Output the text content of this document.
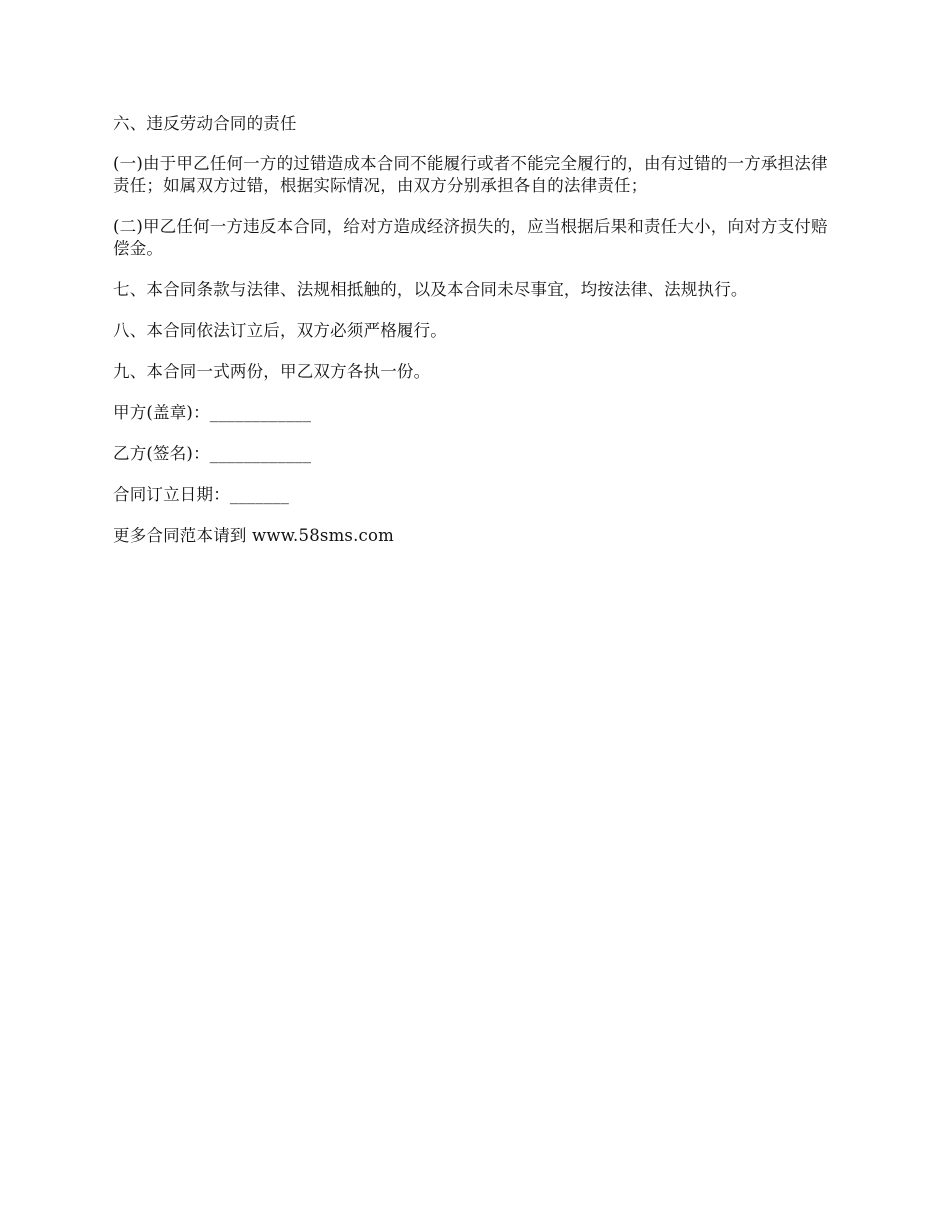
六、违反劳动合同的责任

(一)由于甲乙任何一方的过错造成本合同不能履行或者不能完全履行的，由有过错的一方承担法律责任；如属双方过错，根据实际情况，由双方分别承担各自的法律责任；

(二)甲乙任何一方违反本合同，给对方造成经济损失的，应当根据后果和责任大小，向对方支付赔偿金。

七、本合同条款与法律、法规相抵触的，以及本合同未尽事宜，均按法律、法规执行。

八、本合同依法订立后，双方必须严格履行。

九、本合同一式两份，甲乙双方各执一份。

甲方(盖章)：____________

乙方(签名)：____________

合同订立日期：_______

更多合同范本请到 www.58sms.com
